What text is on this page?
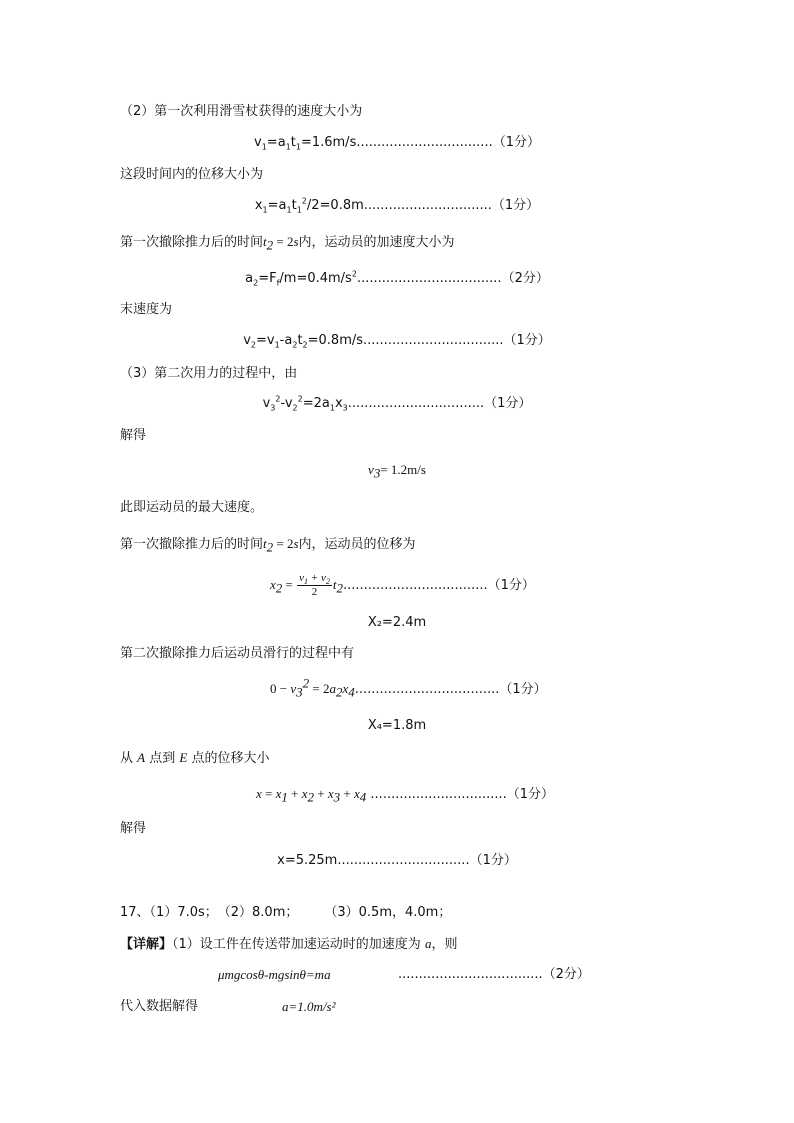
（2）第一次利用滑雪杖获得的速度大小为
$v_1=a_1t_1=1.6m/s.................................(1$分）
这段时间内的位移大小为
$x_1=a_1t_1^2/2=0.8m...............................(1$分）
第一次撤除推力后的时间$t_2 = 2s$内，运动员的加速度大小为
$a_2=F_f/m=0.4m/s^2...................................(2$分）
末速度为
$v_2=v_1-a_2t_2=0.8m/s..................................(1$分）
（3）第二次用力的过程中，由
$v_3^2-v_2^2=2a_1x_3.................................(1$分）
解得
$v_3= 1.2m/s$
此即运动员的最大速度。
第一次撤除推力后的时间$t_2 = 2s$内，运动员的位移为
$x_2 = \frac{v_1 + v_2}{2} t_2...................................(1$分）
X₂=2.4m
第二次撤除推力后运动员滑行的过程中有
$0 - v_3^2 = 2a_2x_4...................................(1$分）
X₄=1.8m
从 A 点到 E 点的位移大小
$x = x_1 + x_2 + x_3 + x_4$ .................................（1分）
解得
x=5.25m................................（1分）
17、（1）7.0s；　（2）8.0m；　　　（3）0.5m，4.0m；
【详解】（1）设工件在传送带加速运动时的加速度为 a，则
μmgcosθ-mgsinθ=ma	...................................（2分）
代入数据解得	a=1.0m/s²
